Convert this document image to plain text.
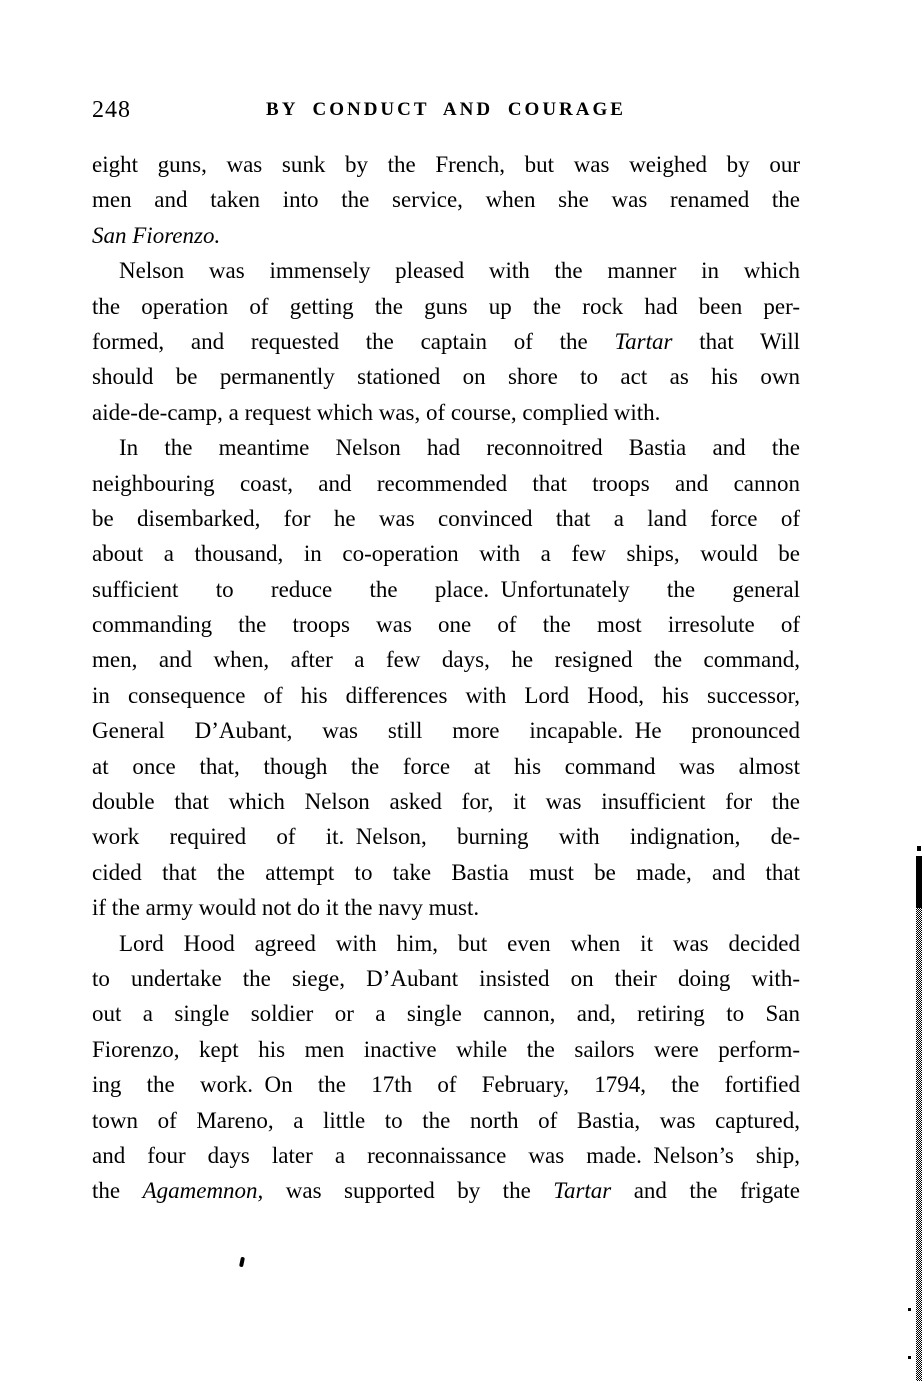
248	BY CONDUCT AND COURAGE
eight guns, was sunk by the French, but was weighed by our
men and taken into the service, when she was renamed the
San Fiorenzo.
Nelson was immensely pleased with the manner in which
the operation of getting the guns up the rock had been per-
formed, and requested the captain of the Tartar that Will
should be permanently stationed on shore to act as his own
aide-de-camp, a request which was, of course, complied with.
In the meantime Nelson had reconnoitred Bastia and the
neighbouring coast, and recommended that troops and cannon
be disembarked, for he was convinced that a land force of
about a thousand, in co-operation with a few ships, would be
sufficient to reduce the place. Unfortunately the general
commanding the troops was one of the most irresolute of
men, and when, after a few days, he resigned the command,
in consequence of his differences with Lord Hood, his successor,
General D’Aubant, was still more incapable. He pronounced
at once that, though the force at his command was almost
double that which Nelson asked for, it was insufficient for the
work required of it. Nelson, burning with indignation, de-
cided that the attempt to take Bastia must be made, and that
if the army would not do it the navy must.
Lord Hood agreed with him, but even when it was decided
to undertake the siege, D’Aubant insisted on their doing with-
out a single soldier or a single cannon, and, retiring to San
Fiorenzo, kept his men inactive while the sailors were perform-
ing the work. On the 17th of February, 1794, the fortified
town of Mareno, a little to the north of Bastia, was captured,
and four days later a reconnaissance was made. Nelson’s ship,
the Agamemnon, was supported by the Tartar and the frigate
